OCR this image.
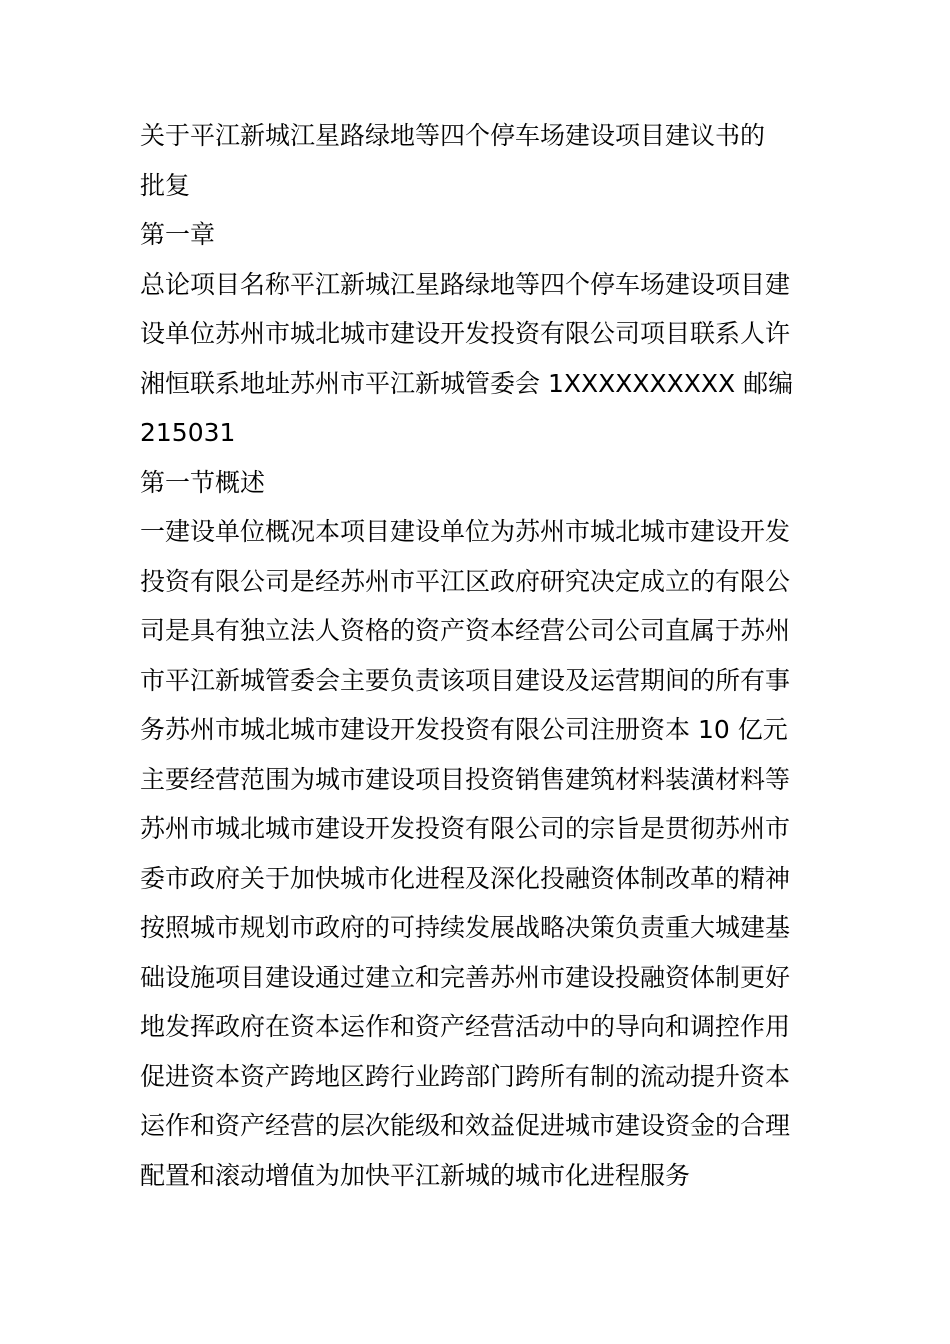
关于平江新城江星路绿地等四个停车场建设项目建议书的
批复
第一章
总论项目名称平江新城江星路绿地等四个停车场建设项目建
设单位苏州市城北城市建设开发投资有限公司项目联系人许
湘恒联系地址苏州市平江新城管委会 1XXXXXXXXXX 邮编
215031
第一节概述
一建设单位概况本项目建设单位为苏州市城北城市建设开发
投资有限公司是经苏州市平江区政府研究决定成立的有限公
司是具有独立法人资格的资产资本经营公司公司直属于苏州
市平江新城管委会主要负责该项目建设及运营期间的所有事
务苏州市城北城市建设开发投资有限公司注册资本 10 亿元
主要经营范围为城市建设项目投资销售建筑材料装潢材料等
苏州市城北城市建设开发投资有限公司的宗旨是贯彻苏州市
委市政府关于加快城市化进程及深化投融资体制改革的精神
按照城市规划市政府的可持续发展战略决策负责重大城建基
础设施项目建设通过建立和完善苏州市建设投融资体制更好
地发挥政府在资本运作和资产经营活动中的导向和调控作用
促进资本资产跨地区跨行业跨部门跨所有制的流动提升资本
运作和资产经营的层次能级和效益促进城市建设资金的合理
配置和滚动增值为加快平江新城的城市化进程服务
